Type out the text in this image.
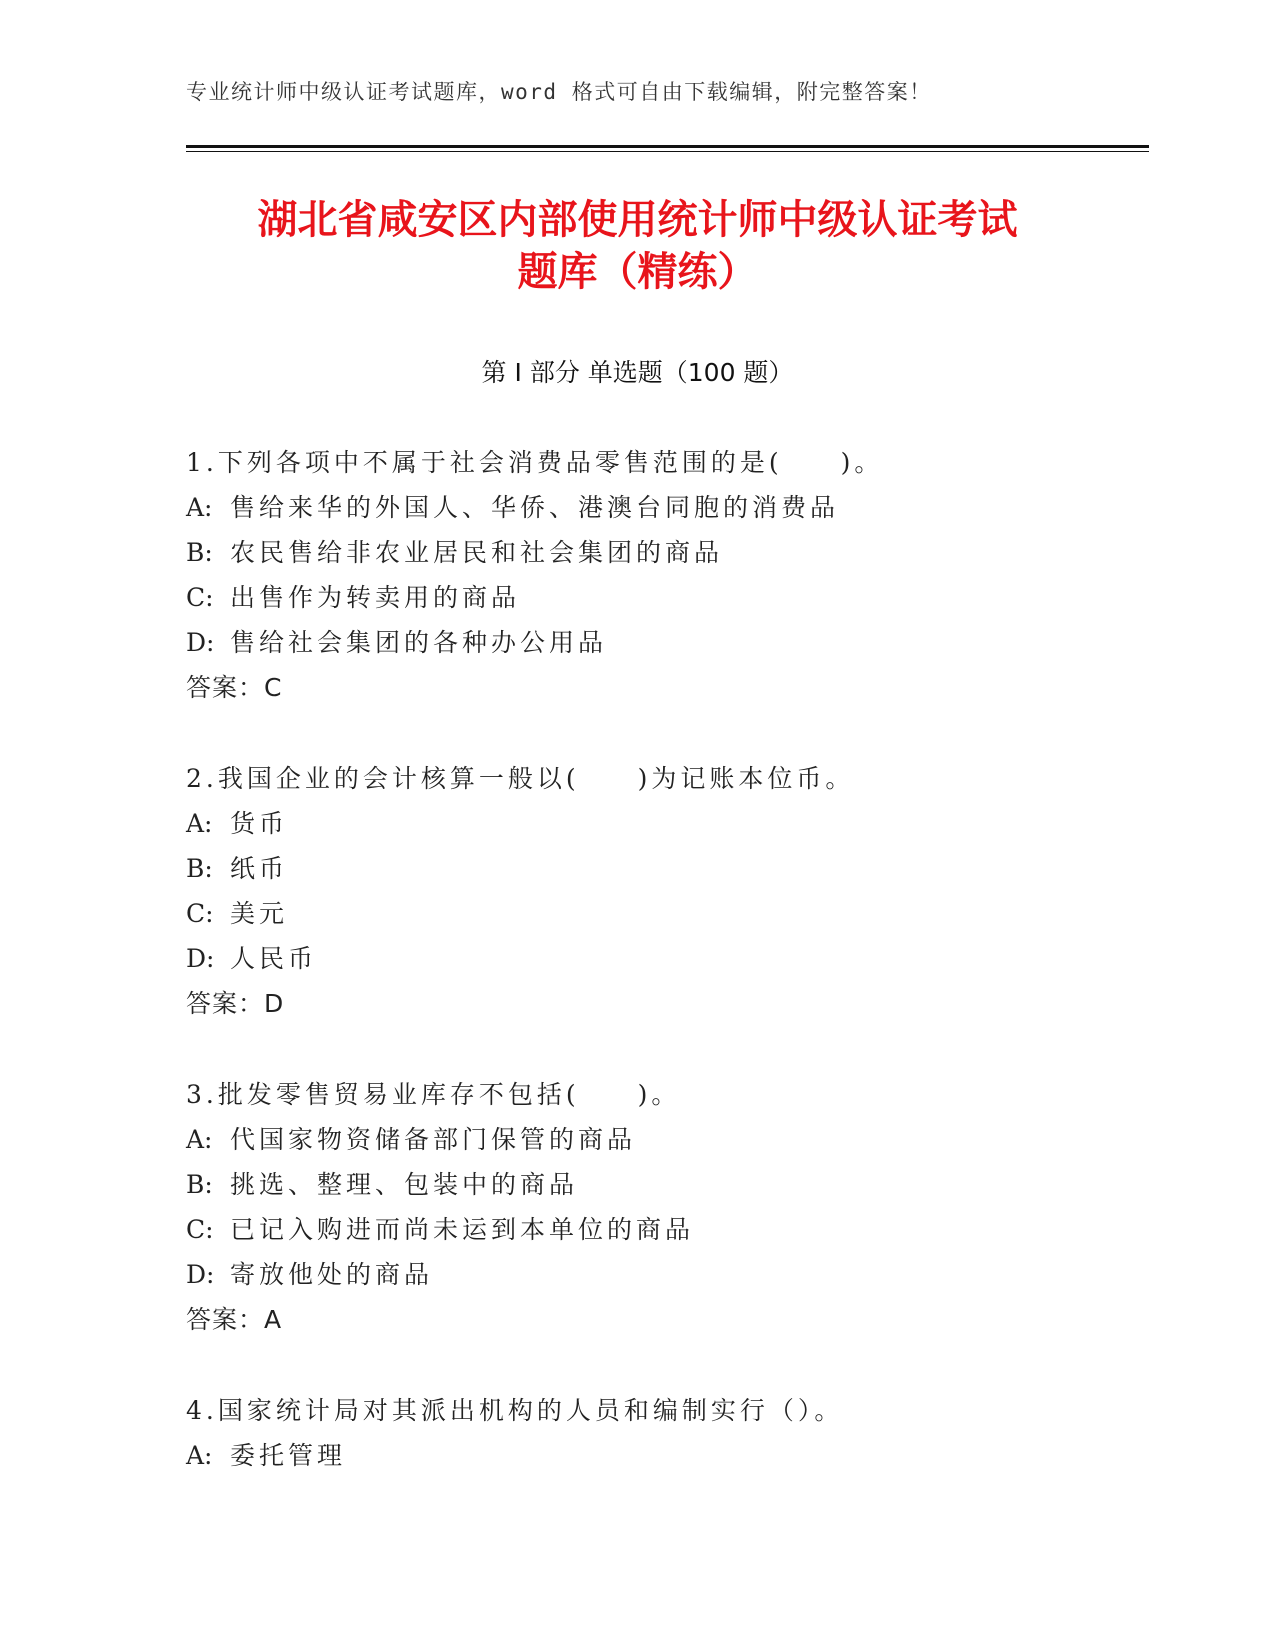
专业统计师中级认证考试题库，word 格式可自由下载编辑，附完整答案！
湖北省咸安区内部使用统计师中级认证考试
题库（精练）
第 I 部分 单选题（100 题）
1.下列各项中不属于社会消费品零售范围的是(　　)。
A: 售给来华的外国人、华侨、港澳台同胞的消费品
B: 农民售给非农业居民和社会集团的商品
C: 出售作为转卖用的商品
D: 售给社会集团的各种办公用品
答案：C
2.我国企业的会计核算一般以(　　)为记账本位币。
A: 货币
B: 纸币
C: 美元
D: 人民币
答案：D
3.批发零售贸易业库存不包括(　　)。
A: 代国家物资储备部门保管的商品
B: 挑选、整理、包装中的商品
C: 已记入购进而尚未运到本单位的商品
D: 寄放他处的商品
答案：A
4.国家统计局对其派出机构的人员和编制实行（）。
A: 委托管理
